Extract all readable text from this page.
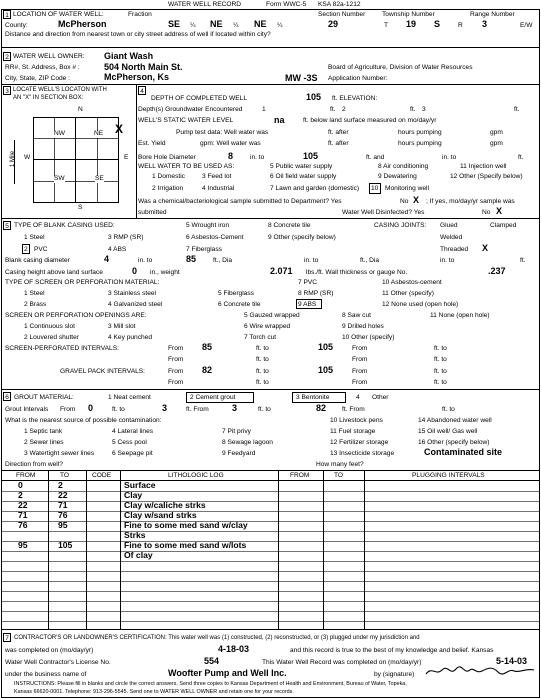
WATER WELL RECORD	Form WWC-5 KSA 82a-1212
1 LOCATION OF WATER WELL:	Fraction	Section Number	Township Number	Range Number
County:	McPherson	SE ¼ NE ¼ NE ¼	29	T 19 S	R 3	E/W
Distance and direction from nearest town or city street address of well if located within city?
2 WATER WELL OWNER: Giant Wash
RR#, St. Address, Box # :	504 North Main St.
City, State, ZIP Code :	McPherson, Ks
Board of Agriculture, Division of Water Resources
MW -3S Application Number:
3 LOCATE WELL'S LOCATON WITH
AN "X" IN SECTION BOX:
N
S
W	E
NW	NE
SW	SE
X
1 Mile
4
DEPTH OF COMPLETED WELL	105 ft. ELEVATION:
Depth(s) Groundwater Encountered	1	ft. 2	ft. 3	ft.
WELL'S STATIC WATER LEVEL	na	ft. below land surface measured on mo/day/yr
Pump test data: Well water was	ft. after	hours pumping	gpm
Est. Yield	gpm: Well water was	ft. after	hours pumping	gpm
Bore Hole Diameter	8	in. to	105	ft. and	in. to	ft.
WELL WATER TO BE USED AS:	5 Public water supply	8 Air conditioning	11 Injection well
1 Domestic	3 Feed lot	6 Oil field water supply	9 Dewatering	12 Other (Specify below)
2 Irrigation	4 Industrial	7 Lawn and garden (domestic) 10 Monitoring well
Was a chemical/bacteriological sample submitted to Department? Yes	No X ; If yes, mo/day/yr sample was
submitted	Water Well Disinfected? Yes	No X
5 TYPE OF BLANK CASING USED:	5 Wrought iron	8 Concrete tile	CASING JOINTS: Glued	Clamped
1 Steel	3 RMP (SR)	6 Asbestos-Cement	9 Other (specify below)	Welded
2 PVC	4 ABS	7 Fiberglass	Threaded X
Blank casing diameter	4	in. to	85	ft., Dia	in. to	ft., Dia	in. to	ft.
Casing height above land surface	0 in., weight	2.071 lbs./ft. Wall thickness or gauge No.	.237
TYPE OF SCREEN OR PERFORATION MATERIAL:	7 PVC	10 Asbestos-cement
1 Steel	3 Stainless steel	5 Fiberglass	8 RMP (SR)	11 Other (specify)
2 Brass	4 Galvanized steel	6 Concrete tile	9 ABS	12 None used (open hole)
SCREEN OR PERFORATION OPENINGS ARE:	5 Gauzed wrapped	8 Saw cut	11 None (open hole)
1 Continuous slot	3 Mill slot	6 Wire wrapped	9 Drilled holes
2 Louvered shutter	4 Key punched	7 Torch cut	10 Other (specify)
SCREEN-PERFORATED INTERVALS:	From 85	ft. to	105	From	ft. to
From	ft. to	From	ft. to
GRAVEL PACK INTERVALS:	From 82	ft. to	105	From	ft. to
From	ft. to	From	ft. to
6 GROUT MATERIAL:	1 Neat cement	2 Cement grout	3 Bentonite	4 Other
Grout Intervals From 0	ft. to	3	ft. From	3	ft. to	82 ft. From	ft. to
What is the nearest source of possible contamination:	10 Livestock pens	14 Abandoned water well
1 Septic tank	4 Lateral lines	7 Pit privy	11 Fuel storage	15 Oil well/ Gas well
2 Sewer lines	5 Cess pool	8 Sewage lagoon	12 Fertilizer storage	16 Other (specify below)
3 Watertight sewer lines	6 Seepage pit	9 Feedyard	13 Insecticide storage	Contaminated site
Direction from well?	How many feet?
FROM	TO	CODE	LITHOLOGIC LOG	FROM	TO	PLUGGING INTERVALS
0	2	Surface
2	22	Clay
22	71	Clay w/caliche strks
71	76	Clay w/sand strks
76	95	Fine to some med sand w/clay
Strks
95	105	Fine to some med sand w/lots
Of clay
7 CONTRACTOR'S OR LANDOWNER'S CERTIFICATION: This water well was (1) constructed, (2) reconstructed, or (3) plugged under my jurisdiction and
was completed on (mo/day/yr)	4-18-03	and this record is true to the best of my knowledge and belief. Kansas
Water Well Contractor's License No.	554	This Water Well Record was completed on (mo/day/yr)	5-14-03
under the business name of	Woofter Pump and Well Inc.	by (signature)
INSTRUCTIONS: Please fill in blanks and circle the correct answers. Send three copies to Kansas Department of Health and Environment, Bureau of Water, Topeka,
Kansas 66620-0001. Telephone: 913-296-5545. Send one to WATER WELL OWNER and retain one for your records.
